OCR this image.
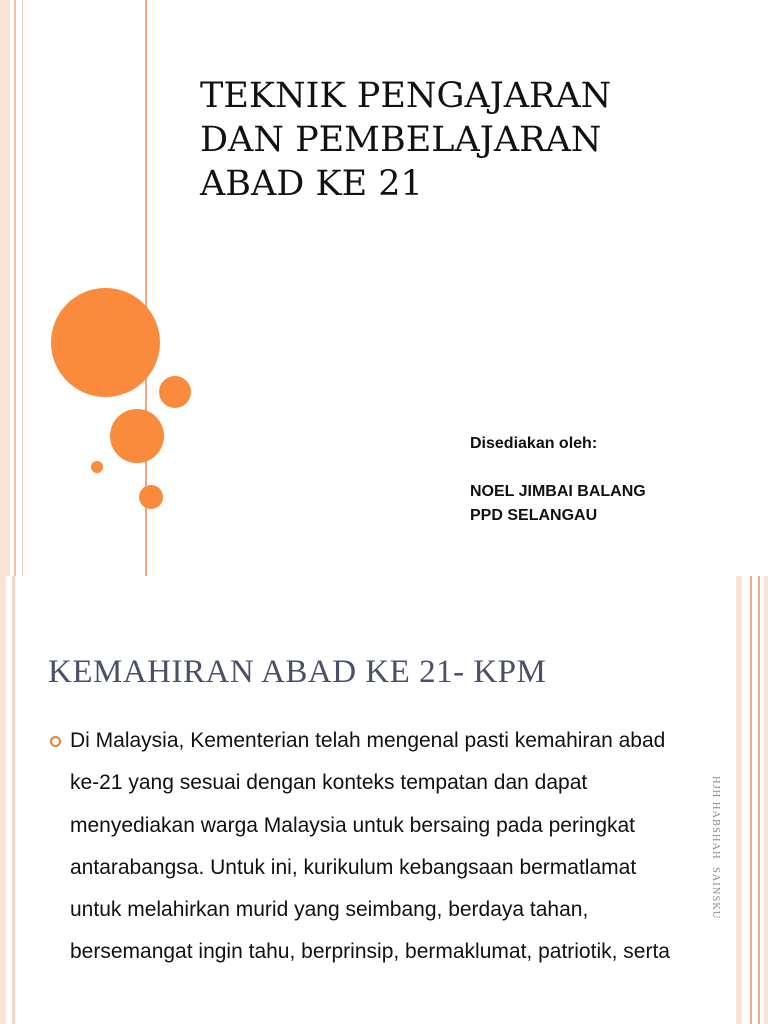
TEKNIK PENGAJARAN
DAN PEMBELAJARAN
ABAD KE 21
Disediakan oleh:
NOEL JIMBAI BALANG
PPD SELANGAU
KEMAHIRAN ABAD KE 21- KPM

Di Malaysia, Kementerian telah mengenal pasti kemahiran abad ke-21 yang sesuai dengan konteks tempatan dan dapat menyediakan warga Malaysia untuk bersaing pada peringkat antarabangsa. Untuk ini, kurikulum kebangsaan bermatlamat untuk melahirkan murid yang seimbang, berdaya tahan, bersemangat ingin tahu, berprinsip, bermaklumat, patriotik, serta

HJH HABSHAH  SAINSKU
